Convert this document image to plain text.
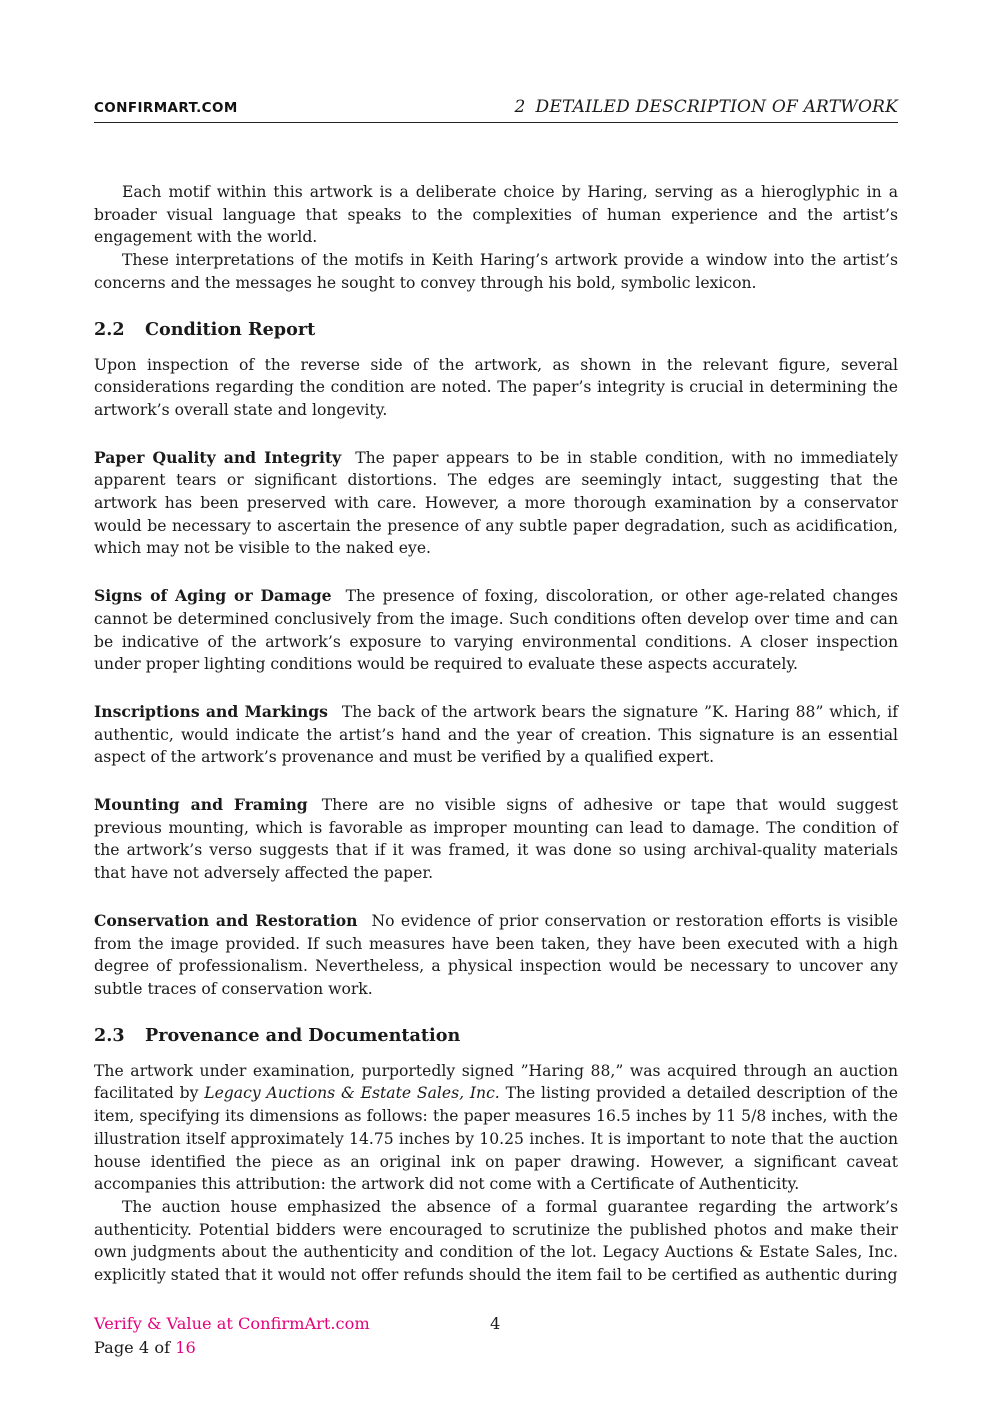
CONFIRMART.COM	2 DETAILED DESCRIPTION OF ARTWORK

Each motif within this artwork is a deliberate choice by Haring, serving as a hieroglyphic in a broader visual language that speaks to the complexities of human experience and the artist’s engagement with the world.

These interpretations of the motifs in Keith Haring’s artwork provide a window into the artist’s concerns and the messages he sought to convey through his bold, symbolic lexicon.

2.2 Condition Report

Upon inspection of the reverse side of the artwork, as shown in the relevant figure, several considerations regarding the condition are noted. The paper’s integrity is crucial in determining the artwork’s overall state and longevity.

Paper Quality and Integrity The paper appears to be in stable condition, with no immediately apparent tears or significant distortions. The edges are seemingly intact, suggesting that the artwork has been preserved with care. However, a more thorough examination by a conservator would be necessary to ascertain the presence of any subtle paper degradation, such as acidification, which may not be visible to the naked eye.

Signs of Aging or Damage The presence of foxing, discoloration, or other age-related changes cannot be determined conclusively from the image. Such conditions often develop over time and can be indicative of the artwork’s exposure to varying environmental conditions. A closer inspection under proper lighting conditions would be required to evaluate these aspects accurately.

Inscriptions and Markings The back of the artwork bears the signature ”K. Haring 88” which, if authentic, would indicate the artist’s hand and the year of creation. This signature is an essential aspect of the artwork’s provenance and must be verified by a qualified expert.

Mounting and Framing There are no visible signs of adhesive or tape that would suggest previous mounting, which is favorable as improper mounting can lead to damage. The condition of the artwork’s verso suggests that if it was framed, it was done so using archival-quality materials that have not adversely affected the paper.

Conservation and Restoration No evidence of prior conservation or restoration efforts is visible from the image provided. If such measures have been taken, they have been executed with a high degree of professionalism. Nevertheless, a physical inspection would be necessary to uncover any subtle traces of conservation work.

2.3 Provenance and Documentation

The artwork under examination, purportedly signed ”Haring 88,” was acquired through an auction facilitated by Legacy Auctions & Estate Sales, Inc. The listing provided a detailed description of the item, specifying its dimensions as follows: the paper measures 16.5 inches by 11 5/8 inches, with the illustration itself approximately 14.75 inches by 10.25 inches. It is important to note that the auction house identified the piece as an original ink on paper drawing. However, a significant caveat accompanies this attribution: the artwork did not come with a Certificate of Authenticity.

The auction house emphasized the absence of a formal guarantee regarding the artwork’s authenticity. Potential bidders were encouraged to scrutinize the published photos and make their own judgments about the authenticity and condition of the lot. Legacy Auctions & Estate Sales, Inc. explicitly stated that it would not offer refunds should the item fail to be certified as authentic during

Verify & Value at ConfirmArt.com	4
Page 4 of 16
